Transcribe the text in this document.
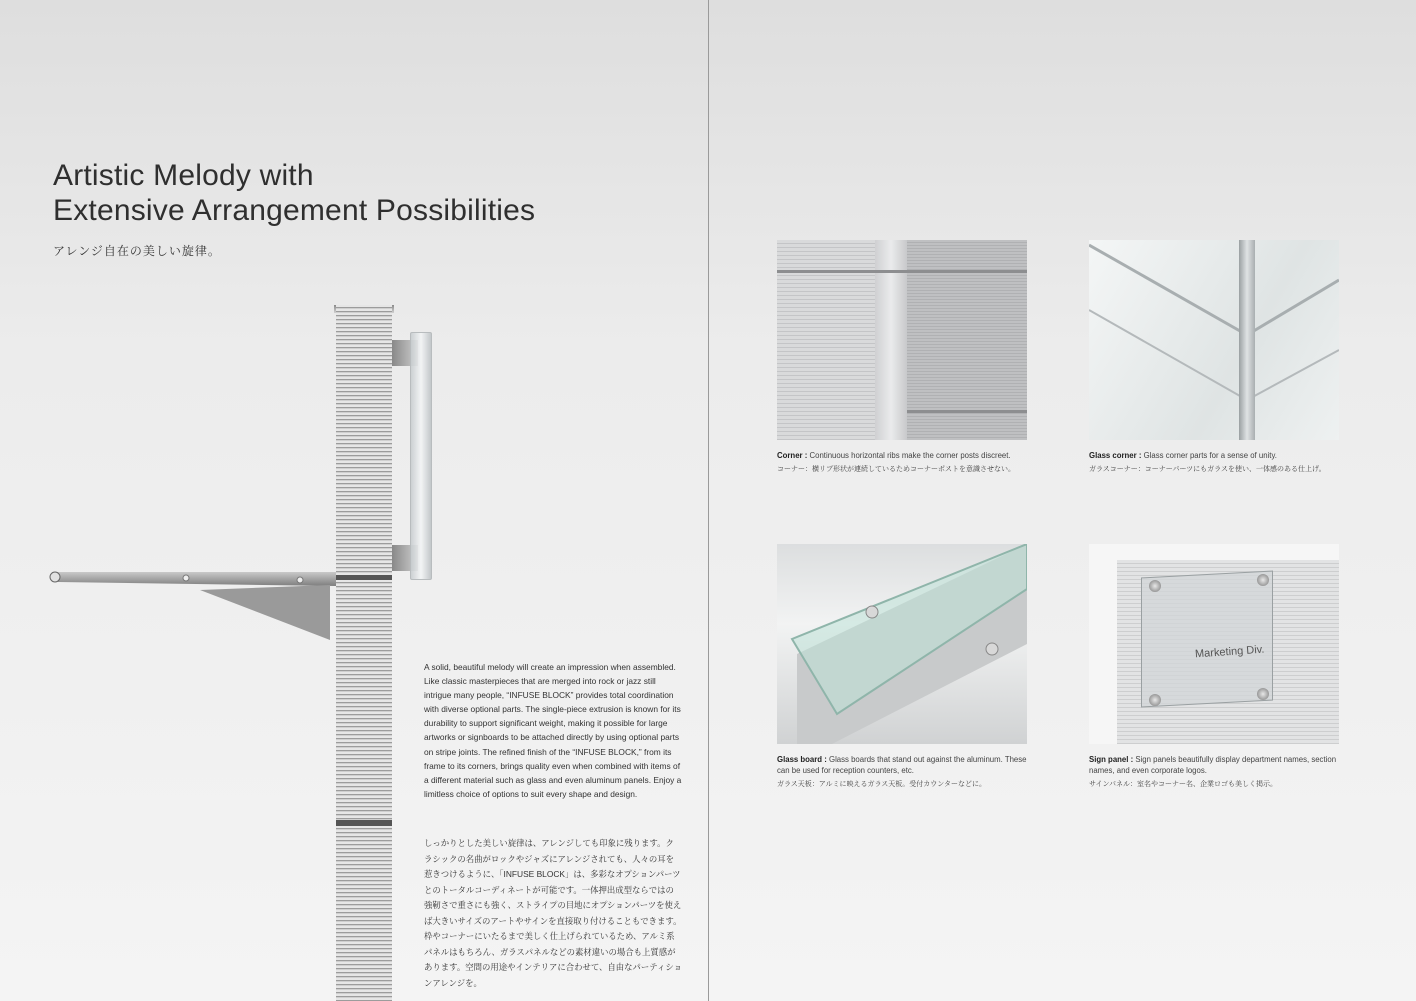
Artistic Melody with
Extensive Arrangement Possibilities
アレンジ自在の美しい旋律。

A solid, beautiful melody will create an impression when assembled. Like classic masterpieces that are merged into rock or jazz still intrigue many people, “INFUSE BLOCK” provides total coordination with diverse optional parts. The single-piece extrusion is known for its durability to support significant weight, making it possible for large artworks or signboards to be attached directly by using optional parts on stripe joints. The refined finish of the “INFUSE BLOCK,” from its frame to its corners, brings quality even when combined with items of a different material such as glass and even aluminum panels. Enjoy a limitless choice of options to suit every shape and design.

しっかりとした美しい旋律は、アレンジしても印象に残ります。クラシックの名曲がロックやジャズにアレンジされても、人々の耳を惹きつけるように、「INFUSE BLOCK」は、多彩なオプションパーツとのトータルコーディネートが可能です。一体押出成型ならではの強靭さで重さにも強く、ストライプの目地にオプションパーツを使えば大きいサイズのアートやサインを直接取り付けることもできます。枠やコーナーにいたるまで美しく仕上げられているため、アルミ系パネルはもちろん、ガラスパネルなどの素材違いの場合も上質感があります。空間の用途やインテリアに合わせて、自由なパーティションアレンジを。

Corner : Continuous horizontal ribs make the corner posts discreet.
コーナー：横リブ形状が連続しているためコーナーポストを意識させない。
Glass corner : Glass corner parts for a sense of unity.
ガラスコーナー：コーナーパーツにもガラスを使い、一体感のある仕上げ。
Glass board : Glass boards that stand out against the aluminum. These can be used for reception counters, etc.
ガラス天板：アルミに映えるガラス天板。受付カウンターなどに。
Marketing Div.
Sign panel : Sign panels beautifully display department names, section names, and even corporate logos.
サインパネル：室名やコーナー名、企業ロゴも美しく掲示。
